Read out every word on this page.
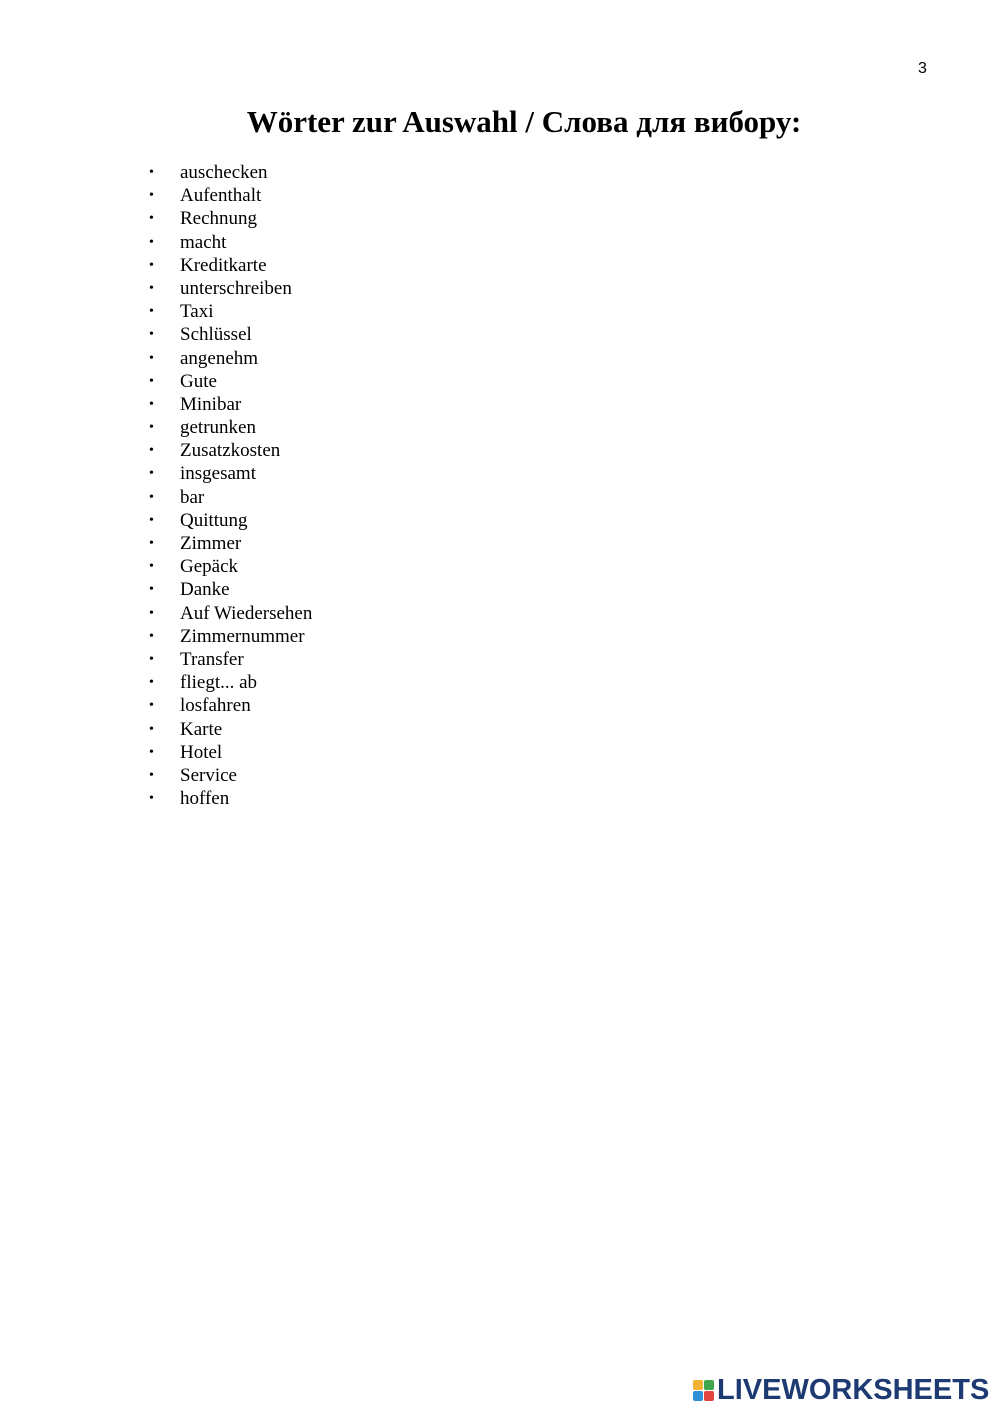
3
Wörter zur Auswahl / Слова для вибору:
• auschecken
• Aufenthalt
• Rechnung
• macht
• Kreditkarte
• unterschreiben
• Taxi
• Schlüssel
• angenehm
• Gute
• Minibar
• getrunken
• Zusatzkosten
• insgesamt
• bar
• Quittung
• Zimmer
• Gepäck
• Danke
• Auf Wiedersehen
• Zimmernummer
• Transfer
• fliegt... ab
• losfahren
• Karte
• Hotel
• Service
• hoffen
LIVEWORKSHEETS
